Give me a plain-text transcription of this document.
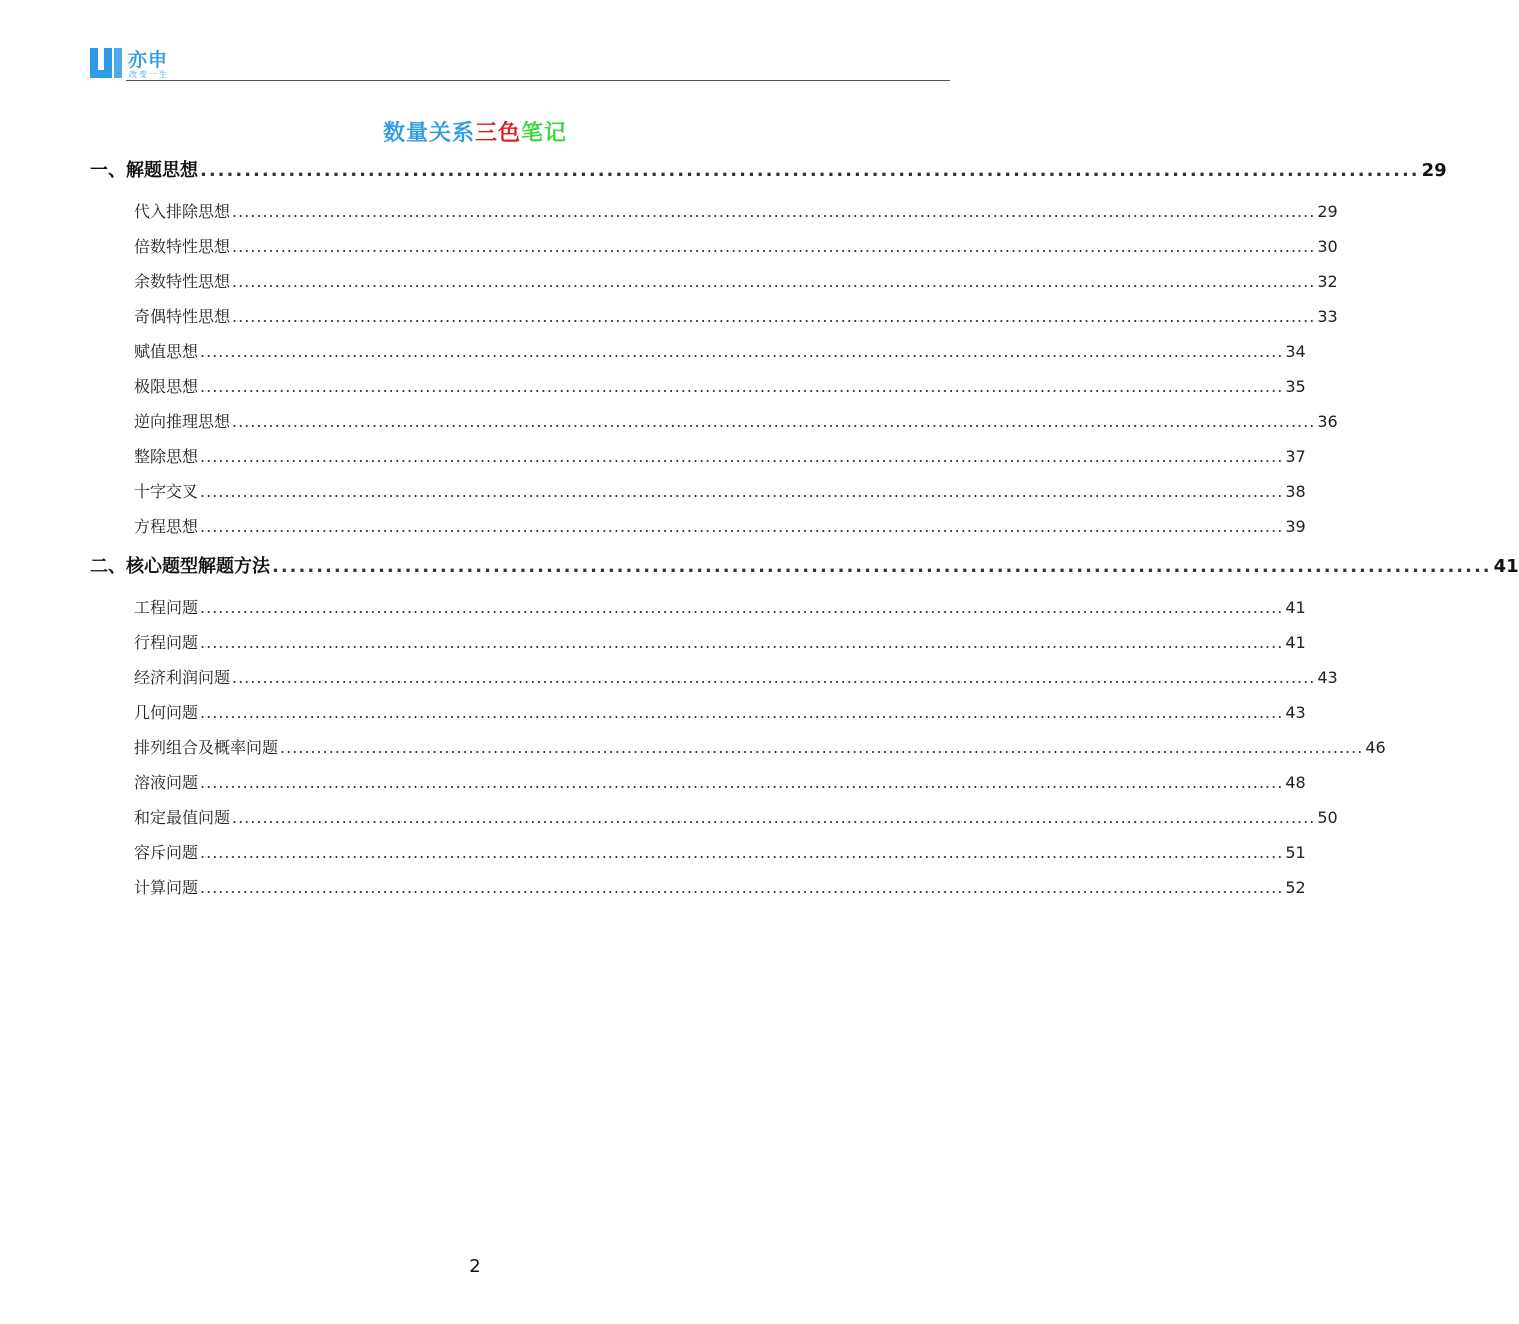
亦申
改变一生
数量关系三色笔记
一、解题思想 .......................................................................................................................................... 29
代入排除思想 .................................................................................................................................................................................. 29
倍数特性思想 .................................................................................................................................................................................. 30
余数特性思想 .................................................................................................................................................................................. 32
奇偶特性思想 .................................................................................................................................................................................. 33
赋值思想 .................................................................................................................................................................................. 34
极限思想 .................................................................................................................................................................................. 35
逆向推理思想 .................................................................................................................................................................................. 36
整除思想 .................................................................................................................................................................................. 37
十字交叉 .................................................................................................................................................................................. 38
方程思想 .................................................................................................................................................................................. 39
二、核心题型解题方法 .......................................................................................................................................... 41
工程问题 .................................................................................................................................................................................. 41
行程问题 .................................................................................................................................................................................. 41
经济利润问题 .................................................................................................................................................................................. 43
几何问题 .................................................................................................................................................................................. 43
排列组合及概率问题 .................................................................................................................................................................................. 46
溶液问题 .................................................................................................................................................................................. 48
和定最值问题 .................................................................................................................................................................................. 50
容斥问题 .................................................................................................................................................................................. 51
计算问题 .................................................................................................................................................................................. 52
2
